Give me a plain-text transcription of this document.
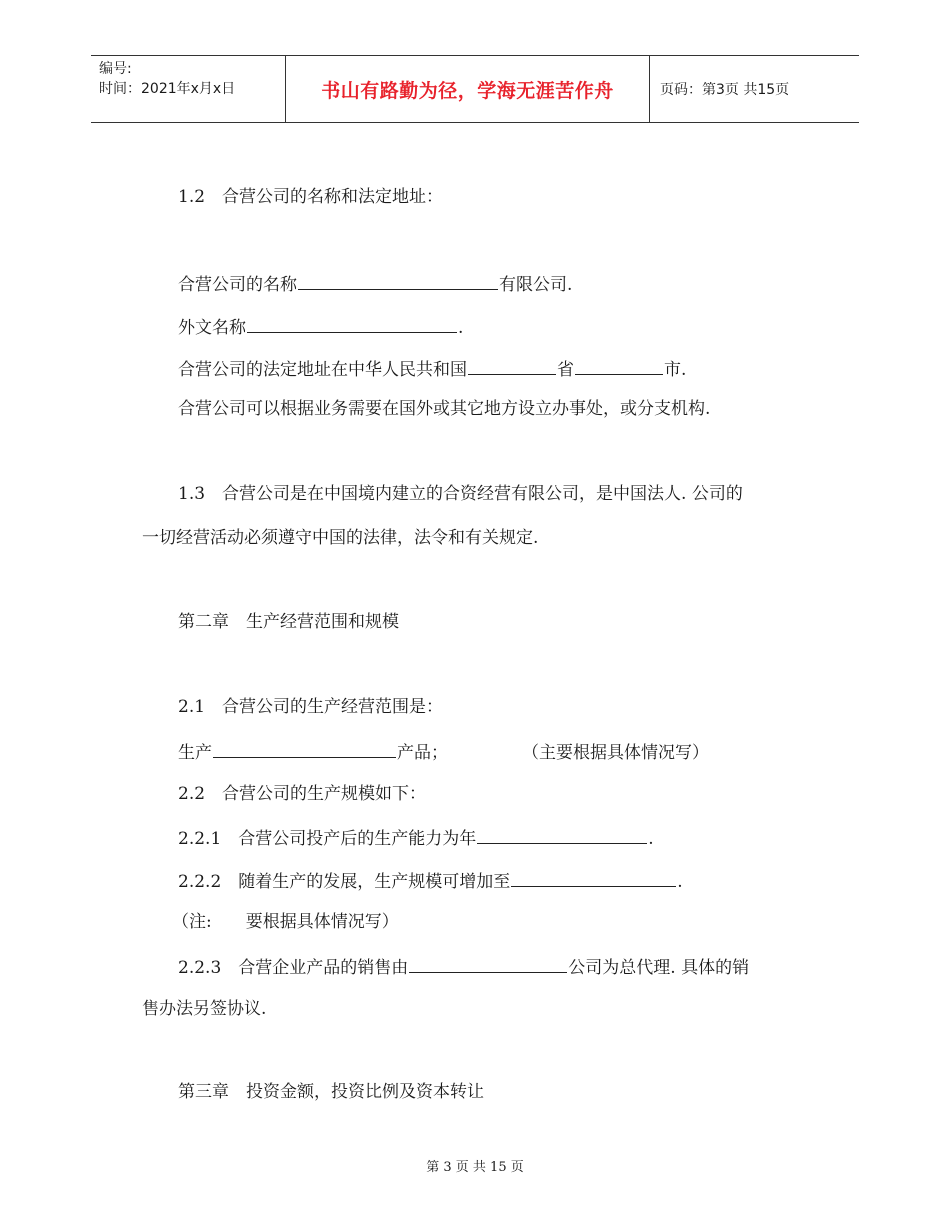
编号:
时间：2021年x月x日	书山有路勤为径，学海无涯苦作舟	页码：第3页 共15页
1.2　合营公司的名称和法定地址：
合营公司的名称	有限公司.
外文名称	.
合营公司的法定地址在中华人民共和国	省	市.
合营公司可以根据业务需要在国外或其它地方设立办事处，或分支机构.
1.3　合营公司是在中国境内建立的合资经营有限公司，是中国法人. 公司的
一切经营活动必须遵守中国的法律，法令和有关规定.
第二章　生产经营范围和规模
2.1　合营公司的生产经营范围是：
生产	产品；	（主要根据具体情况写）
2.2　合营公司的生产规模如下：
2.2.1　合营公司投产后的生产能力为年	.
2.2.2　随着生产的发展，生产规模可增加至	.
（注:　　要根据具体情况写）
2.2.3　合营企业产品的销售由	公司为总代理. 具体的销
售办法另签协议.
第三章　投资金额，投资比例及资本转让
第 3 页 共 15 页
